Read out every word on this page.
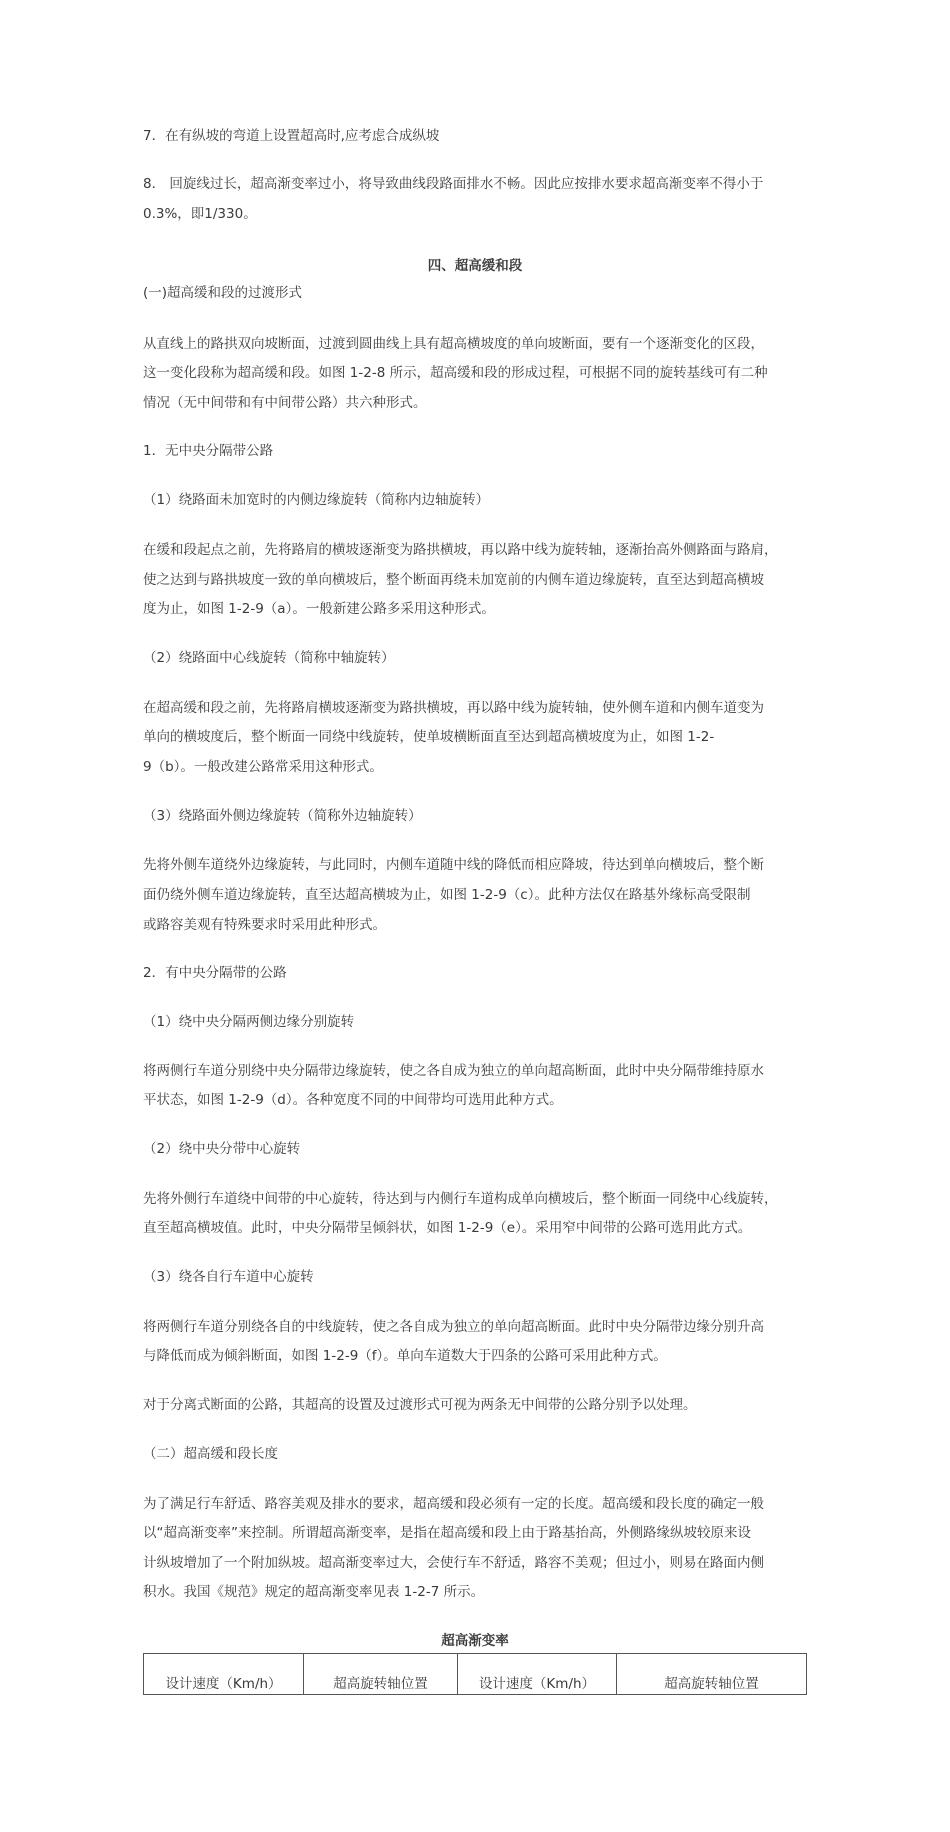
7．在有纵坡的弯道上设置超高时,应考虑合成纵坡

8． 回旋线过长，超高渐变率过小，将导致曲线段路面排水不畅。因此应按排水要求超高渐变率不得小于

0.3%，即1/330。

四、超高缓和段

(一)超高缓和段的过渡形式

从直线上的路拱双向坡断面，过渡到圆曲线上具有超高横坡度的单向坡断面，要有一个逐渐变化的区段，

这一变化段称为超高缓和段。如图 1-2-8 所示，超高缓和段的形成过程，可根据不同的旋转基线可有二种

情况（无中间带和有中间带公路）共六种形式。

1．无中央分隔带公路

（1）绕路面未加宽时的内侧边缘旋转（简称内边轴旋转）

在缓和段起点之前，先将路肩的横坡逐渐变为路拱横坡，再以路中线为旋转轴，逐渐抬高外侧路面与路肩，

使之达到与路拱坡度一致的单向横坡后，整个断面再绕未加宽前的内侧车道边缘旋转，直至达到超高横坡

度为止，如图 1-2-9（a）。一般新建公路多采用这种形式。

（2）绕路面中心线旋转（简称中轴旋转）

在超高缓和段之前，先将路肩横坡逐渐变为路拱横坡，再以路中线为旋转轴，使外侧车道和内侧车道变为

单向的横坡度后，整个断面一同绕中线旋转，使单坡横断面直至达到超高横坡度为止，如图 1-2-

9（b）。一般改建公路常采用这种形式。

（3）绕路面外侧边缘旋转（简称外边轴旋转）

先将外侧车道绕外边缘旋转，与此同时，内侧车道随中线的降低而相应降坡，待达到单向横坡后，整个断

面仍绕外侧车道边缘旋转，直至达超高横坡为止，如图 1-2-9（c）。此种方法仅在路基外缘标高受限制

或路容美观有特殊要求时采用此种形式。

2．有中央分隔带的公路

（1）绕中央分隔两侧边缘分别旋转

将两侧行车道分别绕中央分隔带边缘旋转，使之各自成为独立的单向超高断面，此时中央分隔带维持原水

平状态，如图 1-2-9（d）。各种宽度不同的中间带均可选用此种方式。

（2）绕中央分带中心旋转

先将外侧行车道绕中间带的中心旋转，待达到与内侧行车道构成单向横坡后，整个断面一同绕中心线旋转，

直至超高横坡值。此时，中央分隔带呈倾斜状，如图 1-2-9（e）。采用窄中间带的公路可选用此方式。

（3）绕各自行车道中心旋转

将两侧行车道分别绕各自的中线旋转，使之各自成为独立的单向超高断面。此时中央分隔带边缘分别升高

与降低而成为倾斜断面，如图 1-2-9（f）。单向车道数大于四条的公路可采用此种方式。

对于分离式断面的公路，其超高的设置及过渡形式可视为两条无中间带的公路分别予以处理。

（二）超高缓和段长度

为了满足行车舒适、路容美观及排水的要求，超高缓和段必须有一定的长度。超高缓和段长度的确定一般

以“超高渐变率”来控制。所谓超高渐变率，是指在超高缓和段上由于路基抬高，外侧路缘纵坡较原来设

计纵坡增加了一个附加纵坡。超高渐变率过大，会使行车不舒适，路容不美观；但过小，则易在路面内侧

积水。我国《规范》规定的超高渐变率见表 1-2-7 所示。

超高渐变率

设计速度（Km/h）	超高旋转轴位置	设计速度（Km/h）	超高旋转轴位置
